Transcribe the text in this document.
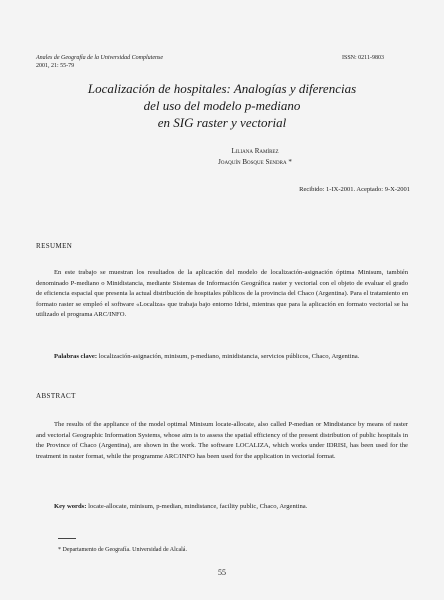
Anales de Geografía de la Universidad Complutense
2001, 21: 55-79
ISSN: 0211-9803
Localización de hospitales: Analogías y diferencias
del uso del modelo p-mediano
en SIG raster y vectorial
Liliana Ramírez
Joaquín Bosque Sendra *
Recibido: 1-IX-2001. Aceptado: 9-X-2001
RESUMEN
En este trabajo se muestran los resultados de la aplicación del modelo de localización-asignación óptima Minisum, también denominado P-mediano o Minidistancia, mediante Sistemas de Información Geográfica raster y vectorial con el objeto de evaluar el grado de eficiencia espacial que presenta la actual distribución de hospitales públicos de la provincia del Chaco (Argentina). Para el tratamiento en formato raster se empleó el software «Localiza» que trabaja bajo entorno Idrisi, mientras que para la aplicación en formato vectorial se ha utilizado el programa ARC/INFO.
Palabras clave: localización-asignación, minisum, p-mediano, minidistancia, servicios públicos, Chaco, Argentina.
ABSTRACT
The results of the appliance of the model optimal Minisum locate-allocate, also called P-median or Mindistance by means of raster and vectorial Geographic Information Systems, whose aim is to assess the spatial efficiency of the present distribution of public hospitals in the Province of Chaco (Argentina), are shown in the work. The software LOCALIZA, which works under IDRISI, has been used for the treatment in raster format, while the programme ARC/INFO has been used for the application in vectorial format.
Key words: locate-allocate, minisum, p-median, mindistance, facility public, Chaco, Argentina.
* Departamento de Geografía. Universidad de Alcalá.
55
